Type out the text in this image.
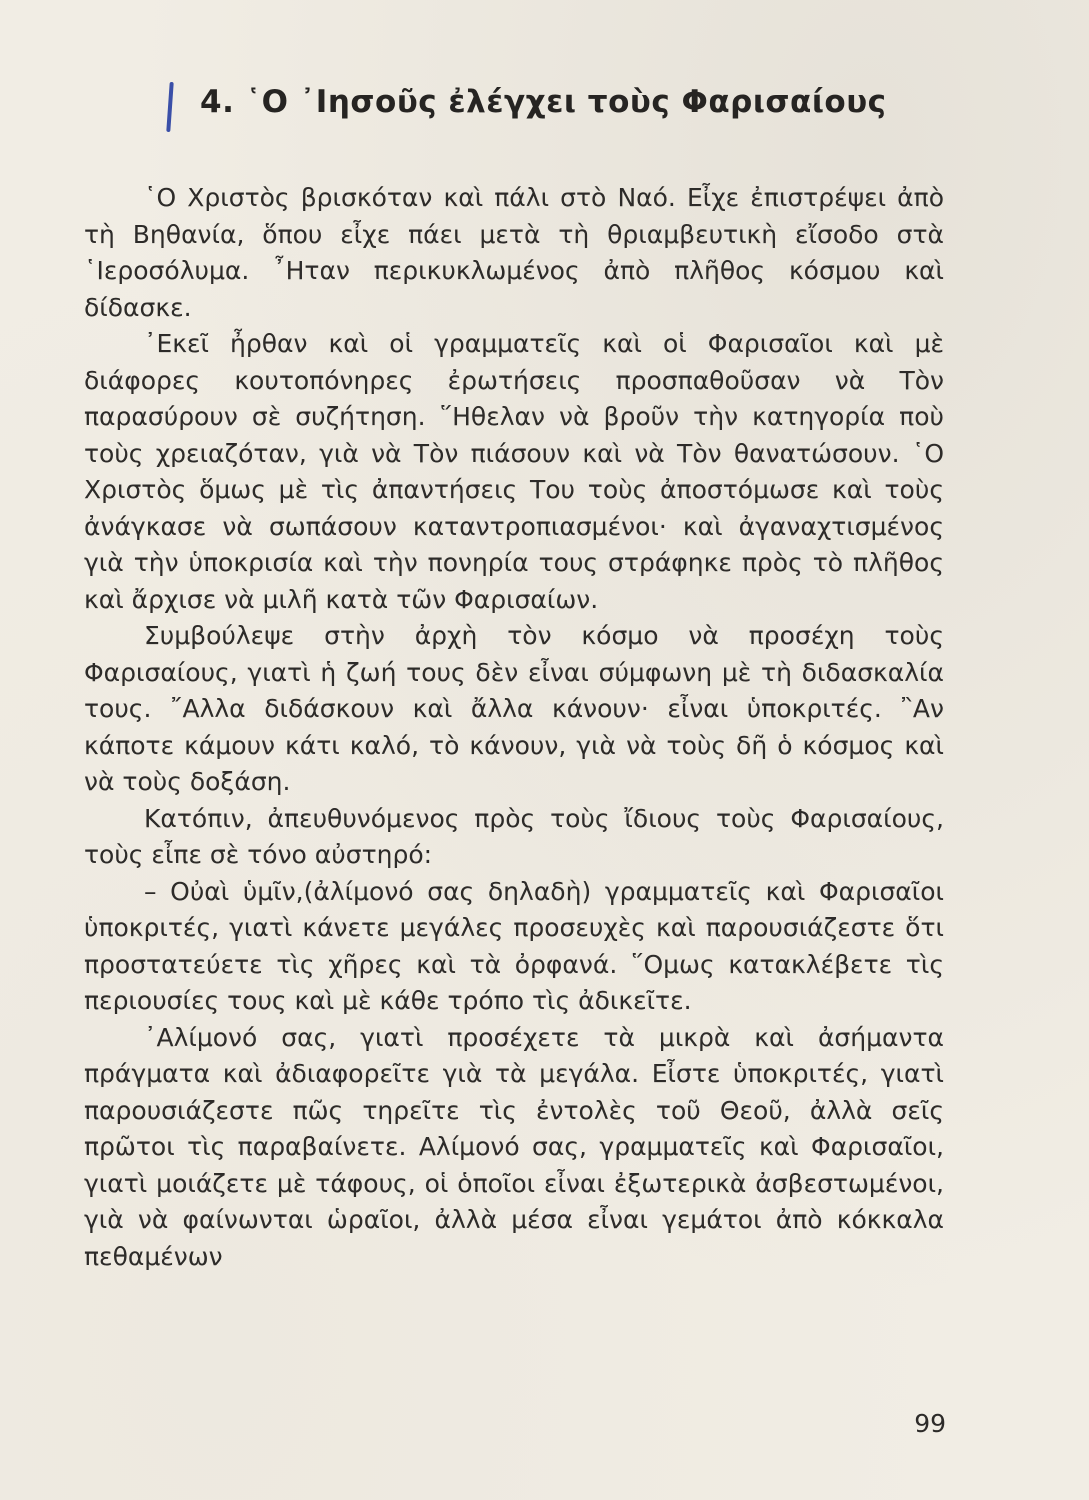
4. ῾Ο ᾿Ιησοῦς ἐλέγχει τοὺς Φαρισαίους

῾Ο Χριστὸς βρισκόταν καὶ πάλι στὸ Ναό. Εἶχε ἐπιστρέψει ἀπὸ τὴ Βηθανία, ὅπου εἶχε πάει μετὰ τὴ θριαμβευτικὴ εἴσοδο στὰ ῾Ιεροσόλυμα. ῏Ηταν περικυκλωμένος ἀπὸ πλῆθος κόσμου καὶ δίδασκε.

᾿Εκεῖ ἦρθαν καὶ οἱ γραμματεῖς καὶ οἱ Φαρισαῖοι καὶ μὲ διάφορες κουτοπόνηρες ἐρωτήσεις προσπαθοῦσαν νὰ Τὸν παρασύρουν σὲ συζήτηση. ῞Ηθελαν νὰ βροῦν τὴν κατηγορία ποὺ τοὺς χρειαζόταν, γιὰ νὰ Τὸν πιάσουν καὶ νὰ Τὸν θανατώσουν. ῾Ο Χριστὸς ὅμως μὲ τὶς ἀπαντήσεις Του τοὺς ἀποστόμωσε καὶ τοὺς ἀνάγκασε νὰ σωπάσουν καταντροπιασμένοι· καὶ ἀγαναχτισμένος γιὰ τὴν ὑποκρισία καὶ τὴν πονηρία τους στράφηκε πρὸς τὸ πλῆθος καὶ ἄρχισε νὰ μιλῆ κατὰ τῶν Φαρισαίων.

Συμβούλεψε στὴν ἀρχὴ τὸν κόσμο νὰ προσέχη τοὺς Φαρισαίους, γιατὶ ἡ ζωή τους δὲν εἶναι σύμφωνη μὲ τὴ διδασκαλία τους. ῎Αλλα διδάσκουν καὶ ἄλλα κάνουν· εἶναι ὑποκριτές. ῍Αν κάποτε κάμουν κάτι καλό, τὸ κάνουν, γιὰ νὰ τοὺς δῆ ὁ κόσμος καὶ νὰ τοὺς δοξάση.

Κατόπιν, ἀπευθυνόμενος πρὸς τοὺς ἴδιους τοὺς Φαρισαίους, τοὺς εἶπε σὲ τόνο αὐστηρό:

– Οὐαὶ ὑμῖν,(ἀλίμονό σας δηλαδὴ) γραμματεῖς καὶ Φαρισαῖοι ὑποκριτές, γιατὶ κάνετε μεγάλες προσευχὲς καὶ παρουσιάζεστε ὅτι προστατεύετε τὶς χῆρες καὶ τὰ ὀρφανά. ῞Ομως κατακλέβετε τὶς περιουσίες τους καὶ μὲ κάθε τρόπο τὶς ἀδικεῖτε.

᾿Αλίμονό σας, γιατὶ προσέχετε τὰ μικρὰ καὶ ἀσήμαντα πράγματα καὶ ἀδιαφορεῖτε γιὰ τὰ μεγάλα. Εἶστε ὑποκριτές, γιατὶ παρουσιάζεστε πῶς τηρεῖτε τὶς ἐντολὲς τοῦ Θεοῦ, ἀλλὰ σεῖς πρῶτοι τὶς παραβαίνετε. Αλίμονό σας, γραμματεῖς καὶ Φαρισαῖοι, γιατὶ μοιάζετε μὲ τάφους, οἱ ὁποῖοι εἶναι ἐξωτερικὰ ἀσβεστωμένοι, γιὰ νὰ φαίνωνται ὡραῖοι, ἀλλὰ μέσα εἶναι γεμάτοι ἀπὸ κόκκαλα πεθαμένων

99
